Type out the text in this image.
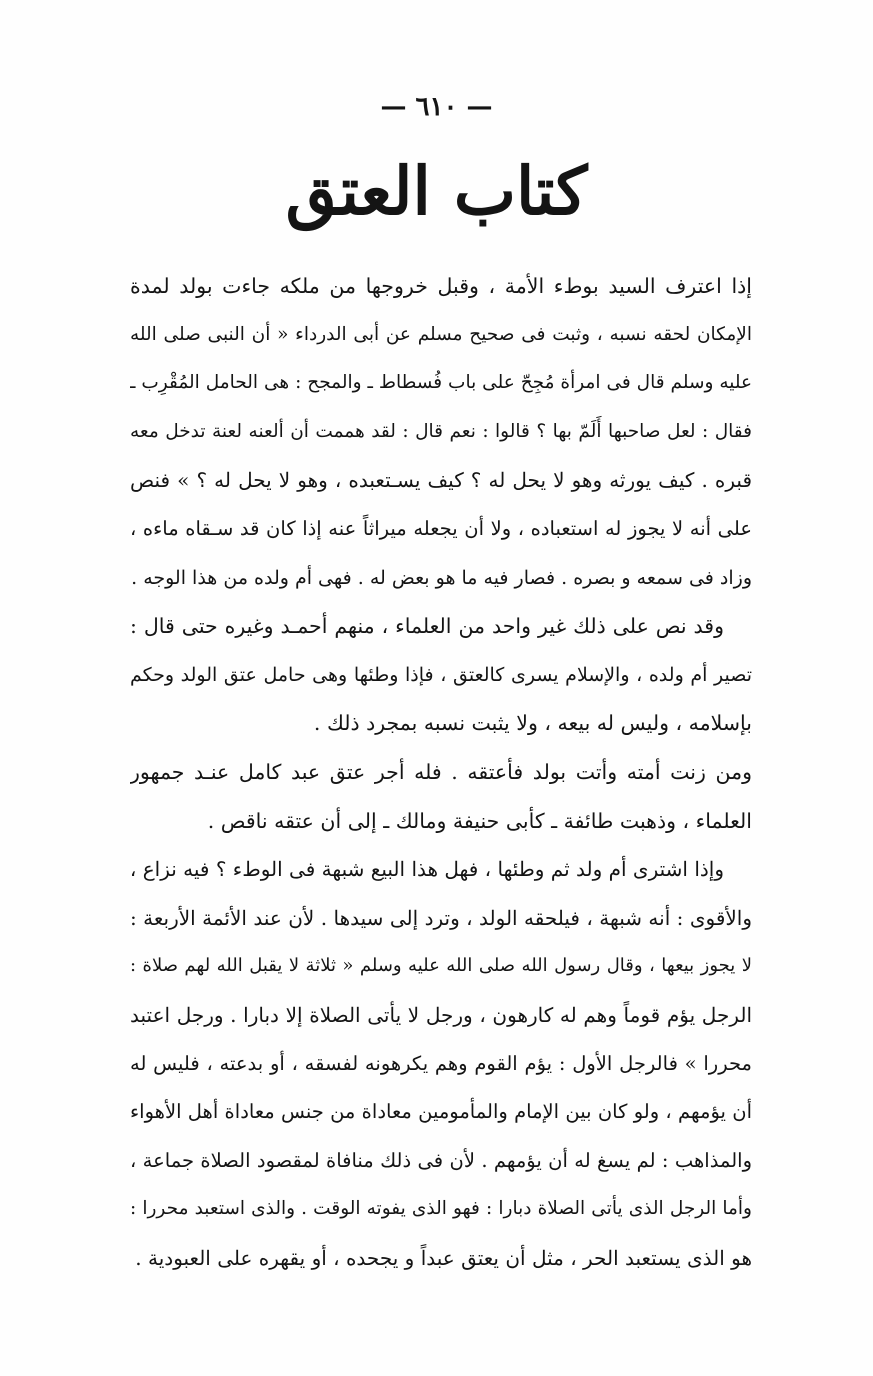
— ٦١٠ —
كتاب العتق
إذا اعترف السيد بوطء الأمة ، وقبل خروجها من ملكه جاءت بولد لمدة
الإمكان لحقه نسبه ، وثبت فى صحيح مسلم عن أبى الدرداء « أن النبى صلى الله
عليه وسلم قال فى امرأة مُجِحّ على باب فُسطاط ـ والمجح : هى الحامل المُقْرِب ـ
فقال : لعل صاحبها أَلَمّ بها ؟ قالوا : نعم قال : لقد هممت أن ألعنه لعنة تدخل معه
قبره . كيف يورثه وهو لا يحل له ؟ كيف يسـتعبده ، وهو لا يحل له ؟ » فنص
على أنه لا يجوز له استعباده ، ولا أن يجعله ميراثاً عنه إذا كان قد سـقاه ماءه ،
وزاد فى سمعه و بصره . فصار فيه ما هو بعض له . فهى أم ولده من هذا الوجه .
وقد نص على ذلك غير واحد من العلماء ، منهم أحمـد وغيره حتى قال :
تصير أم ولده ، والإسلام يسرى كالعتق ، فإذا وطئها وهى حامل عتق الولد وحكم
بإسلامه ، وليس له بيعه ، ولا يثبت نسبه بمجرد ذلك .
ومن زنت أمته وأتت بولد فأعتقه . فله أجر عتق عبد كامل عنـد جمهور
العلماء ، وذهبت طائفة ـ كأبى حنيفة ومالك ـ إلى أن عتقه ناقص .
وإذا اشترى أم ولد ثم وطئها ، فهل هذا البيع شبهة فى الوطء ؟ فيه نزاع ،
والأقوى : أنه شبهة ، فيلحقه الولد ، وترد إلى سيدها . لأن عند الأئمة الأربعة :
لا يجوز بيعها ، وقال رسول الله صلى الله عليه وسلم « ثلاثة لا يقبل الله لهم صلاة :
الرجل يؤم قوماً وهم له كارهون ، ورجل لا يأتى الصلاة إلا دبارا . ورجل اعتبد
محررا » فالرجل الأول : يؤم القوم وهم يكرهونه لفسقه ، أو بدعته ، فليس له
أن يؤمهم ، ولو كان بين الإمام والمأمومين معاداة من جنس معاداة أهل الأهواء
والمذاهب : لم يسغ له أن يؤمهم . لأن فى ذلك منافاة لمقصود الصلاة جماعة ،
وأما الرجل الذى يأتى الصلاة دبارا : فهو الذى يفوته الوقت . والذى استعبد محررا :
هو الذى يستعبد الحر ، مثل أن يعتق عبداً و يجحده ، أو يقهره على العبودية .
